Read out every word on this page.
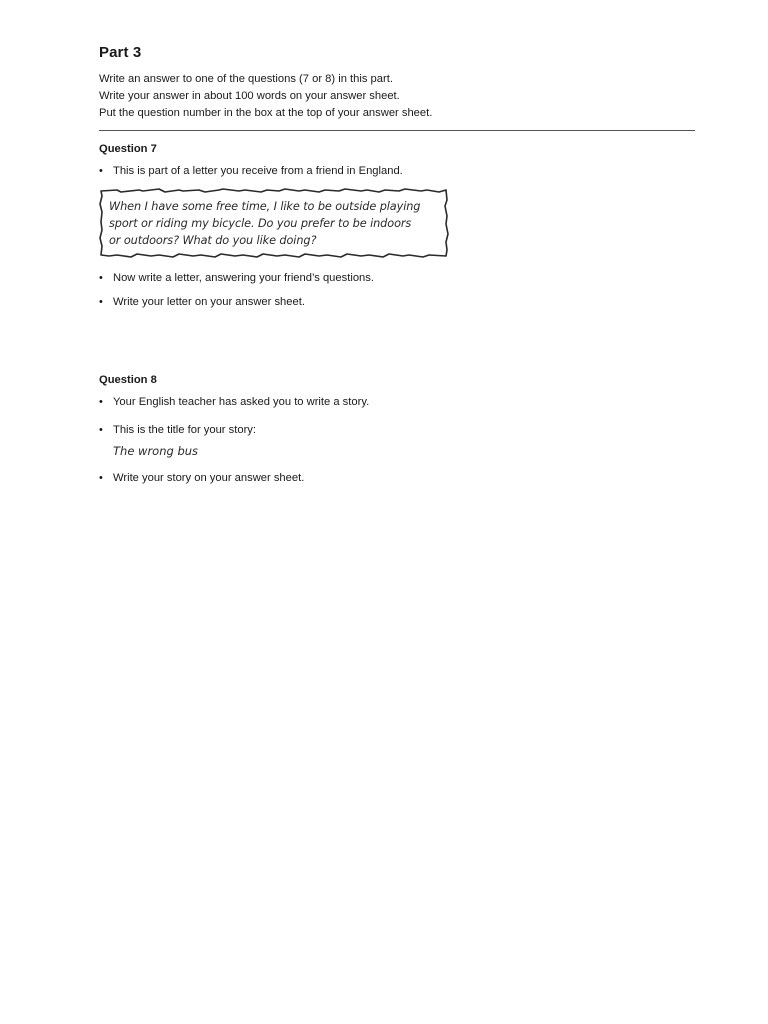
Part 3

Write an answer to one of the questions (7 or 8) in this part.

Write your answer in about 100 words on your answer sheet.

Put the question number in the box at the top of your answer sheet.

Question 7
• This is part of a letter you receive from a friend in England.
When I have some free time, I like to be outside playing
sport or riding my bicycle. Do you prefer to be indoors
or outdoors? What do you like doing?
• Now write a letter, answering your friend’s questions.
• Write your letter on your answer sheet.
Question 8
• Your English teacher has asked you to write a story.
• This is the title for your story:
The wrong bus
• Write your story on your answer sheet.
